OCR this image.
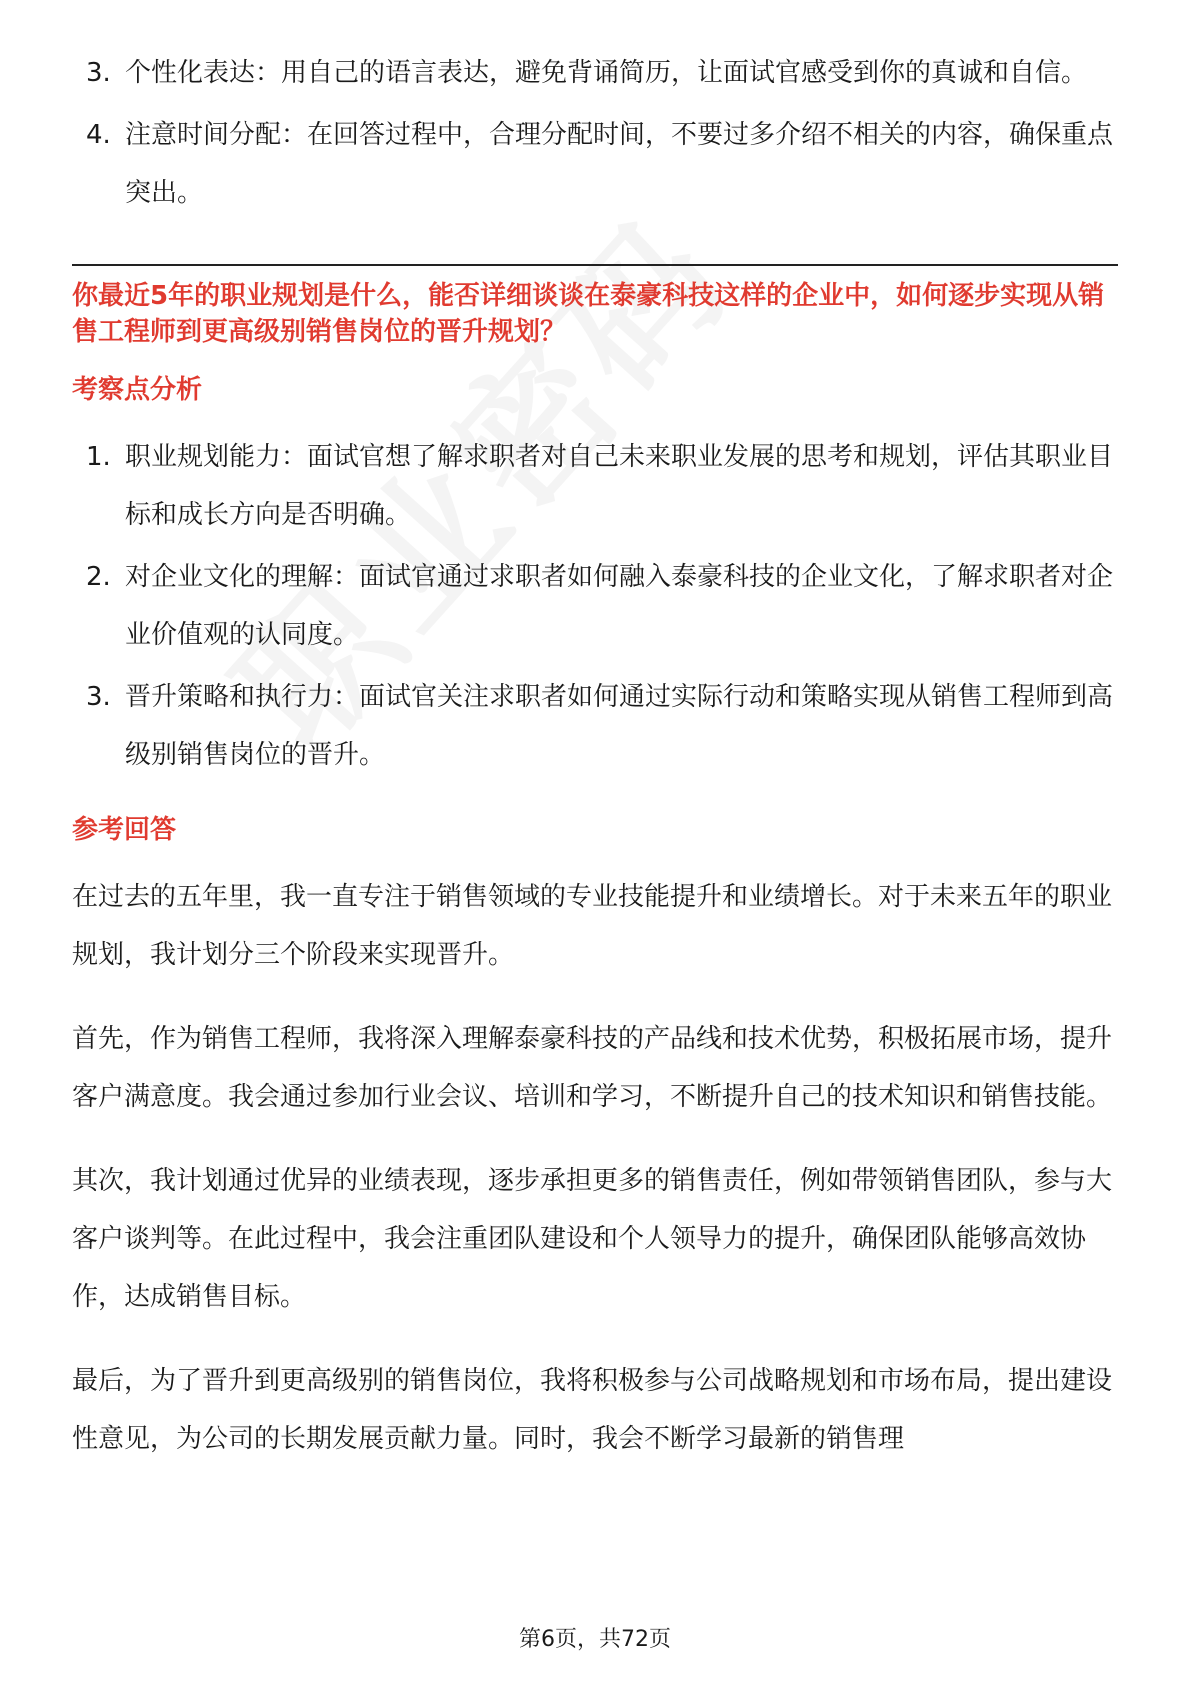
3. 个性化表达：用自己的语言表达，避免背诵简历，让面试官感受到你的真诚和自信。
4. 注意时间分配：在回答过程中，合理分配时间，不要过多介绍不相关的内容，确保重点突出。
你最近5年的职业规划是什么，能否详细谈谈在泰豪科技这样的企业中，如何逐步实现从销售工程师到更高级别销售岗位的晋升规划？
考察点分析
1. 职业规划能力：面试官想了解求职者对自己未来职业发展的思考和规划，评估其职业目标和成长方向是否明确。
2. 对企业文化的理解：面试官通过求职者如何融入泰豪科技的企业文化，了解求职者对企业价值观的认同度。
3. 晋升策略和执行力：面试官关注求职者如何通过实际行动和策略实现从销售工程师到高级别销售岗位的晋升。
参考回答

在过去的五年里，我一直专注于销售领域的专业技能提升和业绩增长。对于未来五年的职业规划，我计划分三个阶段来实现晋升。

首先，作为销售工程师，我将深入理解泰豪科技的产品线和技术优势，积极拓展市场，提升客户满意度。我会通过参加行业会议、培训和学习，不断提升自己的技术知识和销售技能。

其次，我计划通过优异的业绩表现，逐步承担更多的销售责任，例如带领销售团队，参与大客户谈判等。在此过程中，我会注重团队建设和个人领导力的提升，确保团队能够高效协作，达成销售目标。

最后，为了晋升到更高级别的销售岗位，我将积极参与公司战略规划和市场布局，提出建设性意见，为公司的长期发展贡献力量。同时，我会不断学习最新的销售理

第6页，共72页
